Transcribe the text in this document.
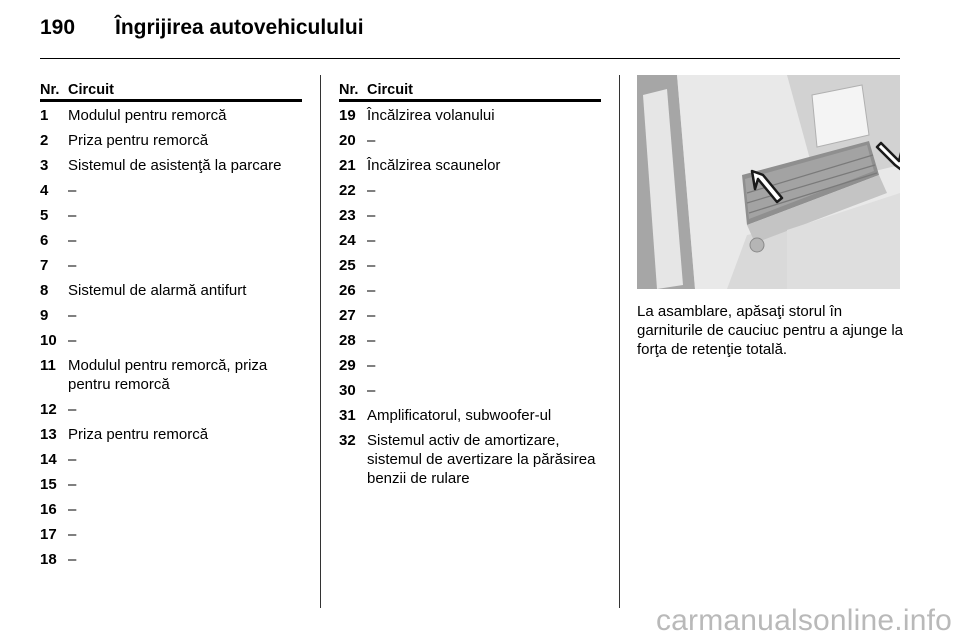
190	Îngrijirea autovehiculului
Nr. Circuit
1	Modulul pentru remorcă
2	Priza pentru remorcă
3	Sistemul de asistenţă la parcare
4	–
5	–
6	–
7	–
8	Sistemul de alarmă antifurt
9	–
10 –
11 Modulul pentru remorcă, priza pentru remorcă
12 –
13 Priza pentru remorcă
14 –
15 –
16 –
17 –
18 –
Nr. Circuit
19 Încălzirea volanului
20 –
21 Încălzirea scaunelor
22 –
23 –
24 –
25 –
26 –
27 –
28 –
29 –
30 –
31 Amplificatorul, subwoofer-ul
32 Sistemul activ de amortizare, sistemul de avertizare la părăsirea benzii de rulare
La asamblare, apăsaţi storul în garniturile de cauciuc pentru a ajunge la forţa de retenţie totală.
carmanualsonline.info
